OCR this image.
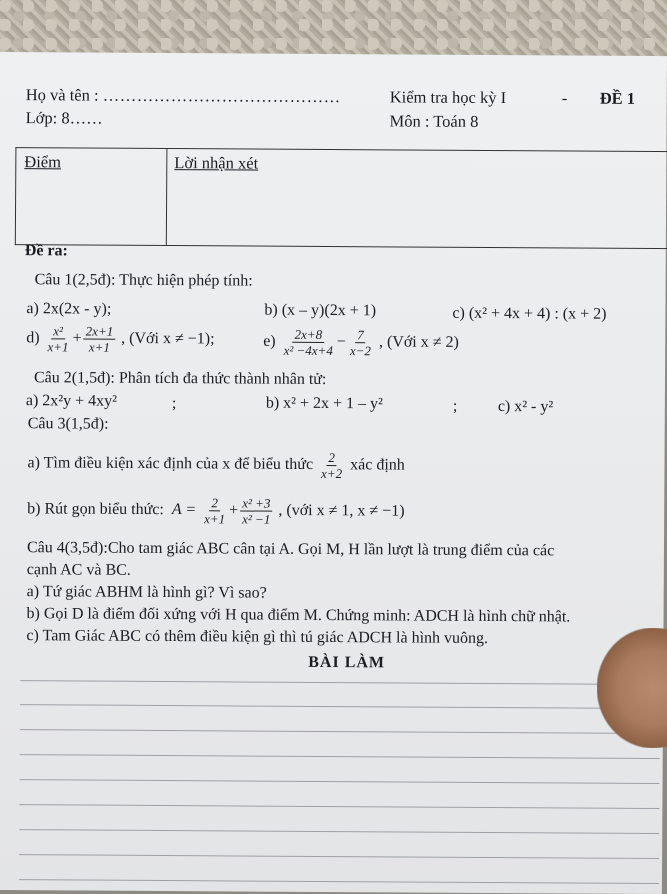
Họ và tên : ……………………………………
Lớp: 8……
Kiểm tra học kỳ I	- ĐỀ 1
Môn : Toán 8
Điểm	Lời nhận xét
Đề ra:
Câu 1(2,5đ): Thực hiện phép tính:
a) 2x(2x - y);	b) (x – y)(2x + 1)	c) (x² + 4x + 4) : (x + 2)
$d) \frac{\text{x²}}{x+1} + \frac{2x+1}{x+1}$ , (Với x ≠ −1);	$e) \frac{2x+8}{\text{x² −4x+4}} - \frac{7}{x-2}$ , (Với x ≠ 2)
Câu 2(1,5đ): Phân tích đa thức thành nhân tử:
a) 2x²y + 4xy²	;	b) x² + 2x + 1 – y²	;	c) x² - y²
Câu 3(1,5đ):
a) Tìm điều kiện xác định của x để biểu thức $\frac{2}{x+2}$ xác định
b) Rút gọn biểu thức: $A = \frac{2}{x+1} + \frac{\text{x² +3}}{\text{x² −1}}$ , (với x ≠ 1, x ≠ −1)
Câu 4(3,5đ):Cho tam giác ABC cân tại A. Gọi M, H lần lượt là trung điểm của các
cạnh AC và BC.
a) Tứ giác ABHM là hình gì? Vì sao?
b) Gọi D là điểm đối xứng với H qua điểm M. Chứng minh: ADCH là hình chữ nhật.
c) Tam Giác ABC có thêm điều kiện gì thì tú giác ADCH là hình vuông.
BÀI LÀM
